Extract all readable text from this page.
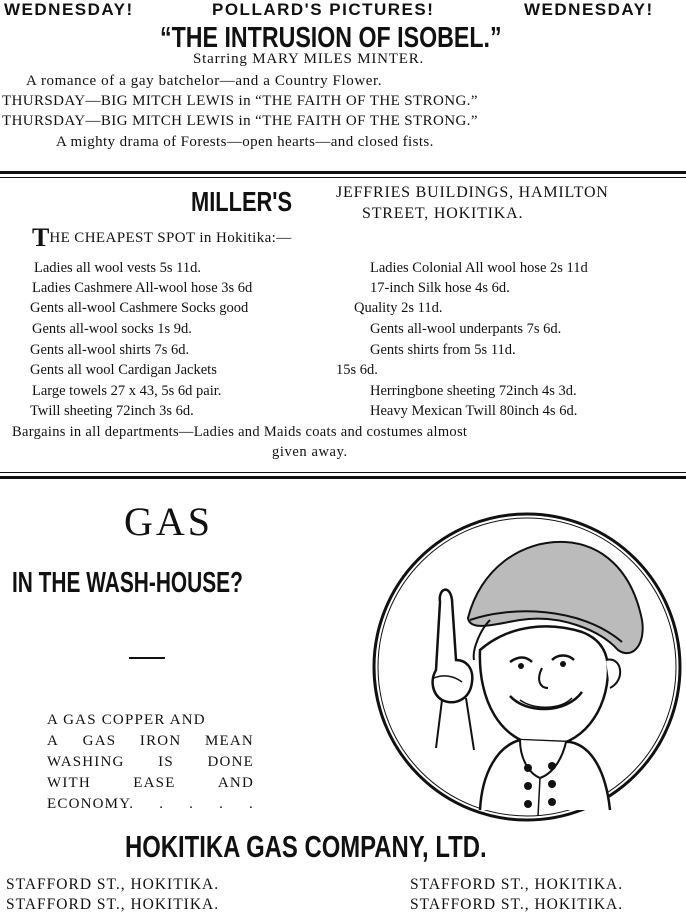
WEDNESDAY!	POLLARD'S PICTURES!	WEDNESDAY!
“THE INTRUSION OF ISOBEL.”
Starring MARY MILES MINTER.
A romance of a gay batchelor—and a Country Flower.
THURSDAY—BIG MITCH LEWIS in “THE FAITH OF THE STRONG.”
THURSDAY—BIG MITCH LEWIS in “THE FAITH OF THE STRONG.”
A mighty drama of Forests—open hearts—and closed fists.
MILLER'S	JEFFRIES BUILDINGS, HAMILTON
STREET, HOKITIKA.
THE CHEAPEST SPOT in Hokitika:—
Ladies all wool vests 5s 11d.
Ladies Cashmere All-wool hose 3s 6d
Gents all-wool Cashmere Socks good
Gents all-wool socks 1s 9d.
Gents all-wool shirts 7s 6d.
Gents all wool Cardigan Jackets
Large towels 27 x 43, 5s 6d pair.
Twill sheeting 72inch 3s 6d.
Ladies Colonial All wool hose 2s 11d
17-inch Silk hose 4s 6d.
Quality 2s 11d.
Gents all-wool underpants 7s 6d.
Gents shirts from 5s 11d.
15s 6d.
Herringbone sheeting 72inch 4s 3d.
Heavy Mexican Twill 80inch 4s 6d.
Bargains in all departments—Ladies and Maids coats and costumes almost
given away.
GAS
IN THE WASH-HOUSE?
A GAS COPPER AND
A GAS IRON MEAN
WASHING IS DONE
WITH	EASE	AND
ECONOMY. . . . .
HOKITIKA GAS COMPANY, LTD.
STAFFORD ST., HOKITIKA.
STAFFORD ST., HOKITIKA.
STAFFORD ST., HOKITIKA.
STAFFORD ST., HOKITIKA.
